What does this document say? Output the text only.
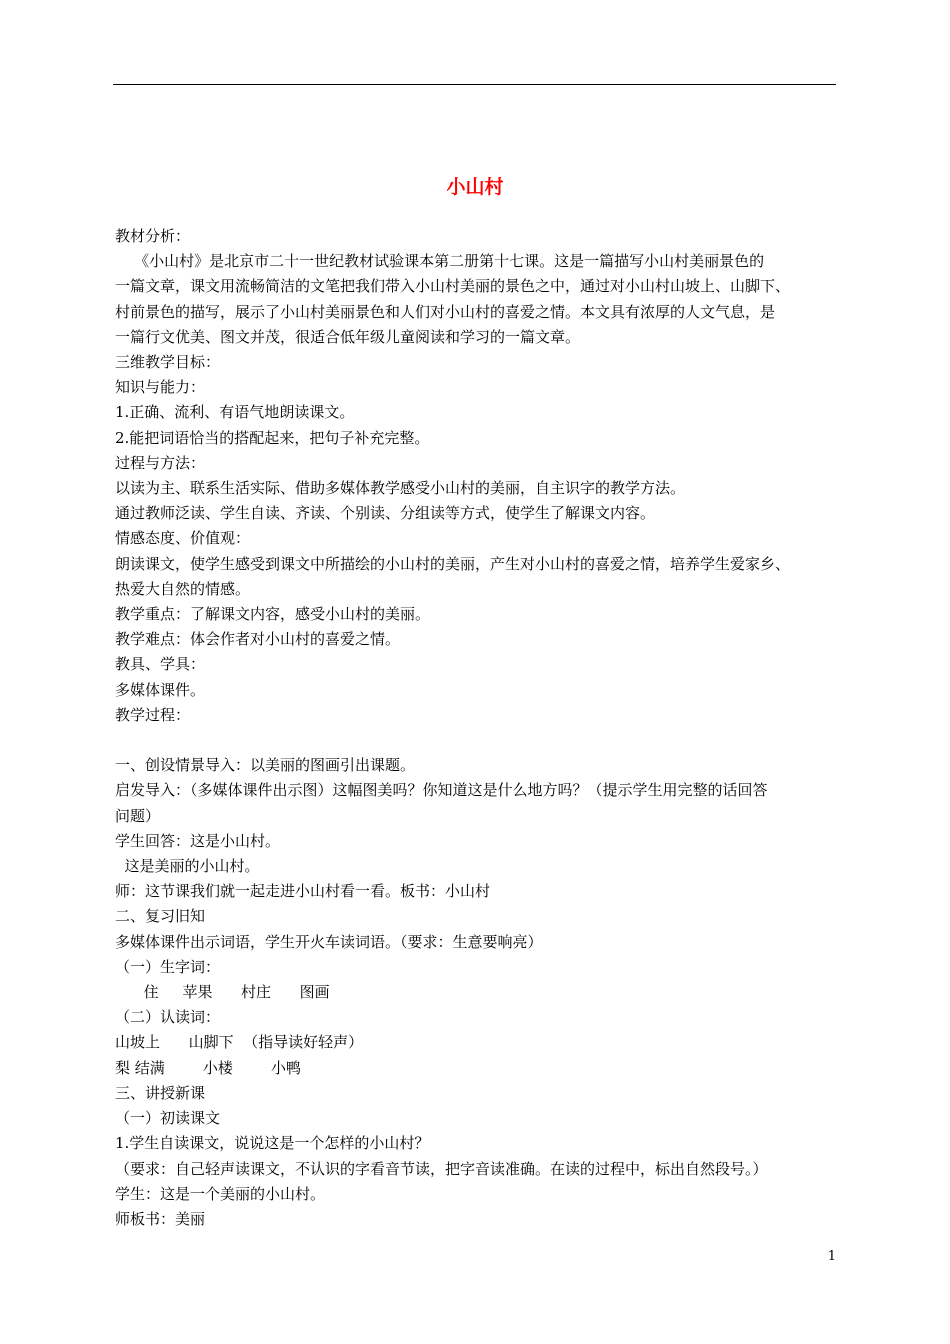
小山村

教材分析：

《小山村》是北京市二十一世纪教材试验课本第二册第十七课。这是一篇描写小山村美丽景色的

一篇文章，课文用流畅简洁的文笔把我们带入小山村美丽的景色之中，通过对小山村山坡上、山脚下、

村前景色的描写，展示了小山村美丽景色和人们对小山村的喜爱之情。本文具有浓厚的人文气息，是

一篇行文优美、图文并茂，很适合低年级儿童阅读和学习的一篇文章。

三维教学目标：

知识与能力：

1.正确、流利、有语气地朗读课文。

2.能把词语恰当的搭配起来，把句子补充完整。

过程与方法：

以读为主、联系生活实际、借助多媒体教学感受小山村的美丽，自主识字的教学方法。

通过教师泛读、学生自读、齐读、个别读、分组读等方式，使学生了解课文内容。

情感态度、价值观：

朗读课文，使学生感受到课文中所描绘的小山村的美丽，产生对小山村的喜爱之情，培养学生爱家乡、

热爱大自然的情感。

教学重点：了解课文内容，感受小山村的美丽。

教学难点：体会作者对小山村的喜爱之情。

教具、学具：

多媒体课件。

教学过程：

一、创设情景导入：以美丽的图画引出课题。

启发导入：（多媒体课件出示图）这幅图美吗？你知道这是什么地方吗？（提示学生用完整的话回答

问题）

学生回答：这是小山村。

这是美丽的小山村。

师：这节课我们就一起走进小山村看一看。板书：小山村

二、复习旧知

多媒体课件出示词语，学生开火车读词语。（要求：生意要响亮）

（一）生字词：

住     苹果      村庄      图画

（二）认读词：

山坡上      山脚下  （指导读好轻声）

梨 结满        小楼        小鸭

三、讲授新课

（一）初读课文

1.学生自读课文，说说这是一个怎样的小山村？

（要求：自己轻声读课文，不认识的字看音节读，把字音读准确。在读的过程中，标出自然段号。）

学生：这是一个美丽的小山村。

师板书：美丽

1
